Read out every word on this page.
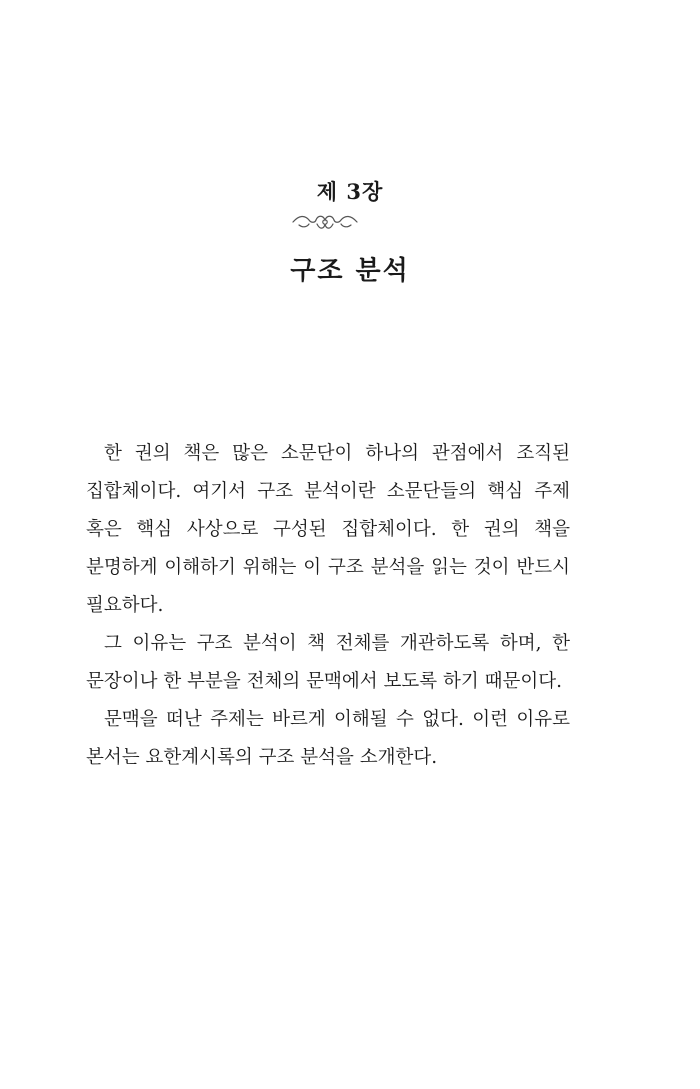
제 3장
구조 분석

한 권의 책은 많은 소문단이 하나의 관점에서 조직된 집합체이다. 여기서 구조 분석이란 소문단들의 핵심 주제 혹은 핵심 사상으로 구성된 집합체이다. 한 권의 책을 분명하게 이해하기 위해는 이 구조 분석을 읽는 것이 반드시 필요하다.

그 이유는 구조 분석이 책 전체를 개관하도록 하며, 한 문장이나 한 부분을 전체의 문맥에서 보도록 하기 때문이다.

문맥을 떠난 주제는 바르게 이해될 수 없다. 이런 이유로 본서는 요한계시록의 구조 분석을 소개한다.
